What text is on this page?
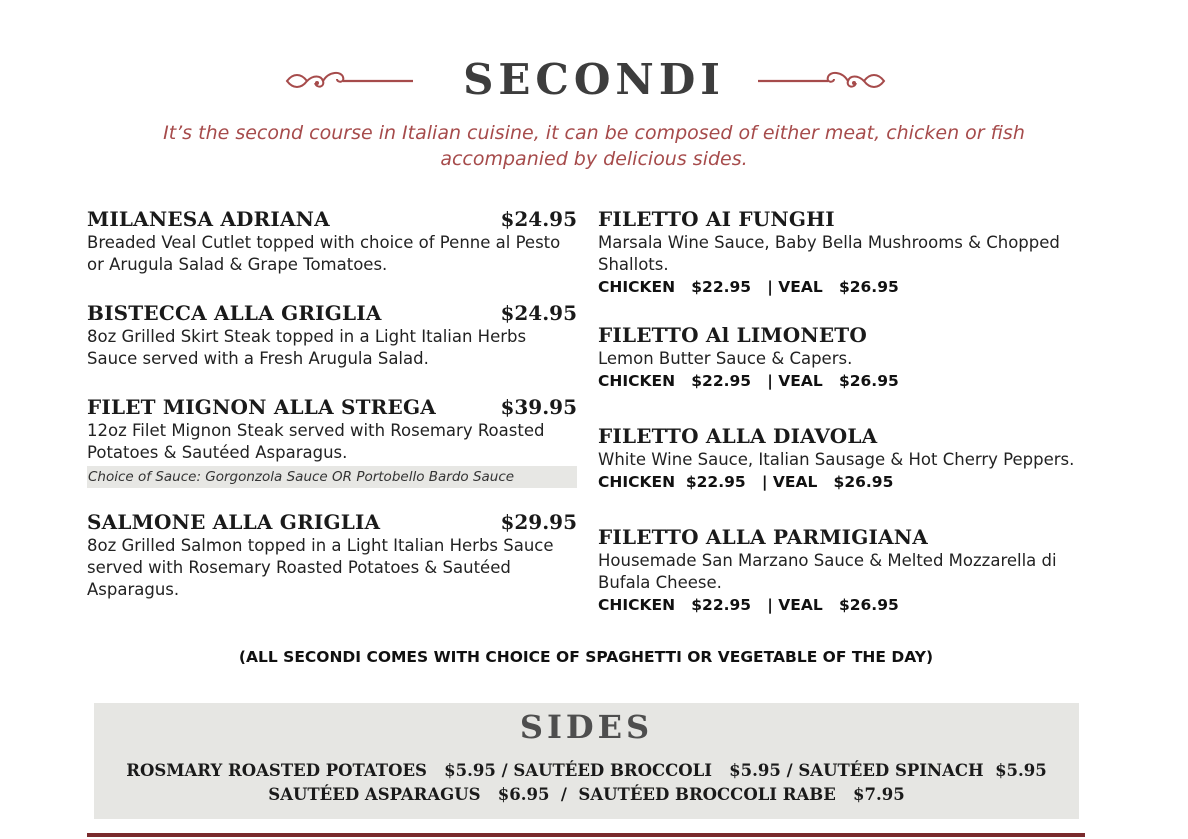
SECONDI
It’s the second course in Italian cuisine, it can be composed of either meat, chicken or fish accompanied by delicious sides.
MILANESA ADRIANA	$24.95
Breaded Veal Cutlet topped with choice of Penne al Pesto or Arugula Salad & Grape Tomatoes.
BISTECCA ALLA GRIGLIA	$24.95
8oz Grilled Skirt Steak topped in a Light Italian Herbs Sauce served with a Fresh Arugula Salad.
FILET MIGNON ALLA STREGA	$39.95
12oz Filet Mignon Steak served with Rosemary Roasted Potatoes & Sautéed Asparagus.
Choice of Sauce: Gorgonzola Sauce OR Portobello Bardo Sauce
SALMONE ALLA GRIGLIA	$29.95
8oz Grilled Salmon topped in a Light Italian Herbs Sauce served with Rosemary Roasted Potatoes & Sautéed Asparagus.
FILETTO AI FUNGHI
Marsala Wine Sauce, Baby Bella Mushrooms & Chopped Shallots.
CHICKEN   $22.95   | VEAL   $26.95
FILETTO Al LIMONETO
Lemon Butter Sauce & Capers.
CHICKEN   $22.95   | VEAL   $26.95
FILETTO ALLA DIAVOLA
White Wine Sauce, Italian Sausage & Hot Cherry Peppers.
CHICKEN  $22.95   | VEAL   $26.95
FILETTO ALLA PARMIGIANA
Housemade San Marzano Sauce & Melted Mozzarella di Bufala Cheese.
CHICKEN   $22.95   | VEAL   $26.95
(ALL SECONDI COMES WITH CHOICE OF SPAGHETTI OR VEGETABLE OF THE DAY)
SIDES
ROSMARY ROASTED POTATOES   $5.95 / SAUTÉED BROCCOLI   $5.95 / SAUTÉED SPINACH  $5.95
SAUTÉED ASPARAGUS   $6.95  /  SAUTÉED BROCCOLI RABE   $7.95
